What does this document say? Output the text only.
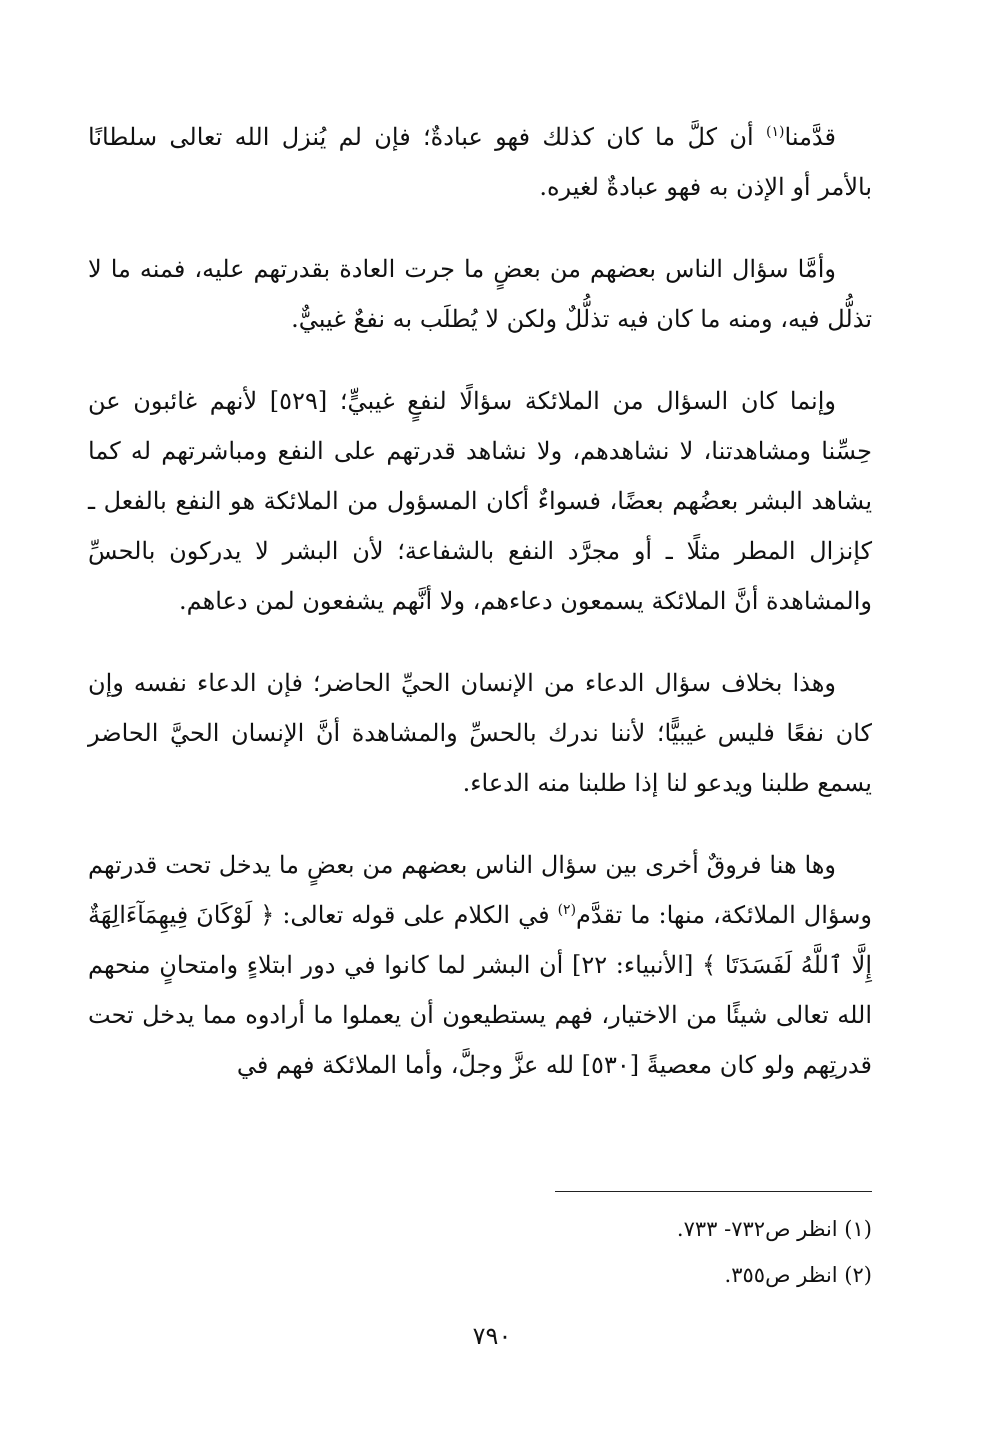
قدَّمنا$^{(١)}$ أن كلَّ ما كان كذلك فهو عبادةٌ؛ فإن لم يُنزل الله تعالى سلطانًا بالأمر أو الإذن به فهو عبادةٌ لغيره.

وأمَّا سؤال الناس بعضهم من بعضٍ ما جرت العادة بقدرتهم عليه، فمنه ما لا تذلُّل فيه، ومنه ما كان فيه تذلُّلٌ ولكن لا يُطلَب به نفعٌ غيبيٌّ.

وإنما كان السؤال من الملائكة سؤالًا لنفعٍ غيبيٍّ؛ [٥٢٩] لأنهم غائبون عن حِسِّنا ومشاهدتنا، لا نشاهدهم، ولا نشاهد قدرتهم على النفع ومباشرتهم له كما يشاهد البشر بعضُهم بعضًا، فسواءٌ أكان المسؤول من الملائكة هو النفع بالفعل ـ كإنزال المطر مثلًا ـ أو مجرَّد النفع بالشفاعة؛ لأن البشر لا يدركون بالحسِّ والمشاهدة أنَّ الملائكة يسمعون دعاءهم، ولا أنَّهم يشفعون لمن دعاهم.

وهذا بخلاف سؤال الدعاء من الإنسان الحيِّ الحاضر؛ فإن الدعاء نفسه وإن كان نفعًا فليس غيبيًّا؛ لأننا ندرك بالحسِّ والمشاهدة أنَّ الإنسان الحيَّ الحاضر يسمع طلبنا ويدعو لنا إذا طلبنا منه الدعاء.

وها هنا فروقٌ أخرى بين سؤال الناس بعضهم من بعضٍ ما يدخل تحت قدرتهم وسؤال الملائكة، منها: ما تقدَّم$^{(٢)}$ في الكلام على قوله تعالى: ﴿ لَوْكَانَ فِيهِمَآءَالِهَةٌ إِلَّا ٱللَّهُ لَفَسَدَتَا ﴾ [الأنبياء: ٢٢] أن البشر لما كانوا في دور ابتلاءٍ وامتحانٍ منحهم الله تعالى شيئًا من الاختيار، فهم يستطيعون أن يعملوا ما أرادوه مما يدخل تحت قدرتِهم ولو كان معصيةً [٥٣٠] لله عزَّ وجلَّ، وأما الملائكة فهم في

(١) انظر ص٧٣٢- ٧٣٣.

(٢) انظر ص٣٥٥.

٧٩٠
